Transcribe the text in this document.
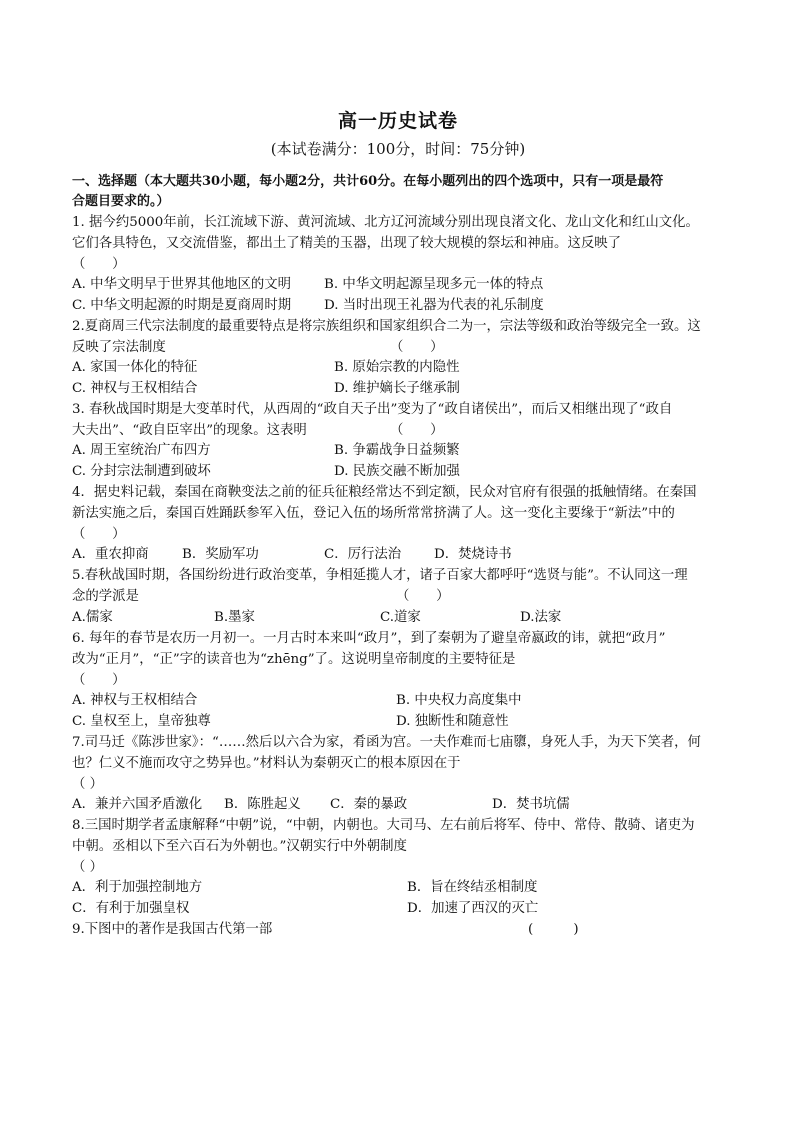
高一历史试卷
(本试卷满分：100分，时间：75分钟)
一、选择题（本大题共30小题，每小题2分，共计60分。在每小题列出的四个选项中，只有一项是最符
合题目要求的。）
1. 据今约5000年前，长江流域下游、黄河流域、北方辽河流域分别出现良渚文化、龙山文化和红山文化。
它们各具特色，又交流借鉴，都出土了精美的玉器，出现了较大规模的祭坛和神庙。这反映了
（　　）
A. 中华文明早于世界其他地区的文明 B. 中华文明起源呈现多元一体的特点
C. 中华文明起源的时期是夏商周时期 D. 当时出现王礼器为代表的礼乐制度
2.夏商周三代宗法制度的最重要特点是将宗族组织和国家组织合二为一，宗法等级和政治等级完全一致。这
反映了宗法制度	（　　）
A. 家国一体化的特征	B. 原始宗教的内隐性
C. 神权与王权相结合	D. 维护嫡长子继承制
3. 春秋战国时期是大变革时代，从西周的“政自天子出”变为了“政自诸侯出”，而后又相继出现了“政自
大夫出”、“政自臣宰出”的现象。这表明	（　　）
A. 周王室统治广布四方	B. 争霸战争日益频繁
C. 分封宗法制遭到破坏	D. 民族交融不断加强
4．据史料记载，秦国在商鞅变法之前的征兵征粮经常达不到定额，民众对官府有很强的抵触情绪。在秦国
新法实施之后，秦国百姓踊跃参军入伍，登记入伍的场所常常挤满了人。这一变化主要缘于“新法”中的
（　　）
A．重农抑商 B．奖励军功	C．厉行法治 D．焚烧诗书
5.春秋战国时期，各国纷纷进行政治变革，争相延揽人才，诸子百家大都呼吁“选贤与能”。不认同这一理
念的学派是	（　　）
A.儒家	B.墨家	C.道家	D.法家
6. 每年的春节是农历一月初一。一月古时本来叫“政月”，到了秦朝为了避皇帝嬴政的讳，就把“政月”
改为“正月”，“正”字的读音也为“zhēng”了。这说明皇帝制度的主要特征是
（　　）
A. 神权与王权相结合	B. 中央权力高度集中
C. 皇权至上，皇帝独尊	D. 独断性和随意性
7.司马迁《陈涉世家》：“……然后以六合为家，肴函为宫。一夫作难而七庙隳，身死人手，为天下笑者，何
也？仁义不施而攻守之势异也。”材料认为秦朝灭亡的根本原因在于
（ ）
A．兼并六国矛盾激化 B．陈胜起义 C．秦的暴政	D．焚书坑儒
8.三国时期学者孟康解释“中朝”说，“中朝，内朝也。大司马、左右前后将军、侍中、常侍、散骑、诸吏为
中朝。丞相以下至六百石为外朝也。”汉朝实行中外朝制度
（ ）
A．利于加强控制地方	B．旨在终结丞相制度
C．有利于加强皇权	D．加速了西汉的灭亡
9.下图中的著作是我国古代第一部	(　　　)
